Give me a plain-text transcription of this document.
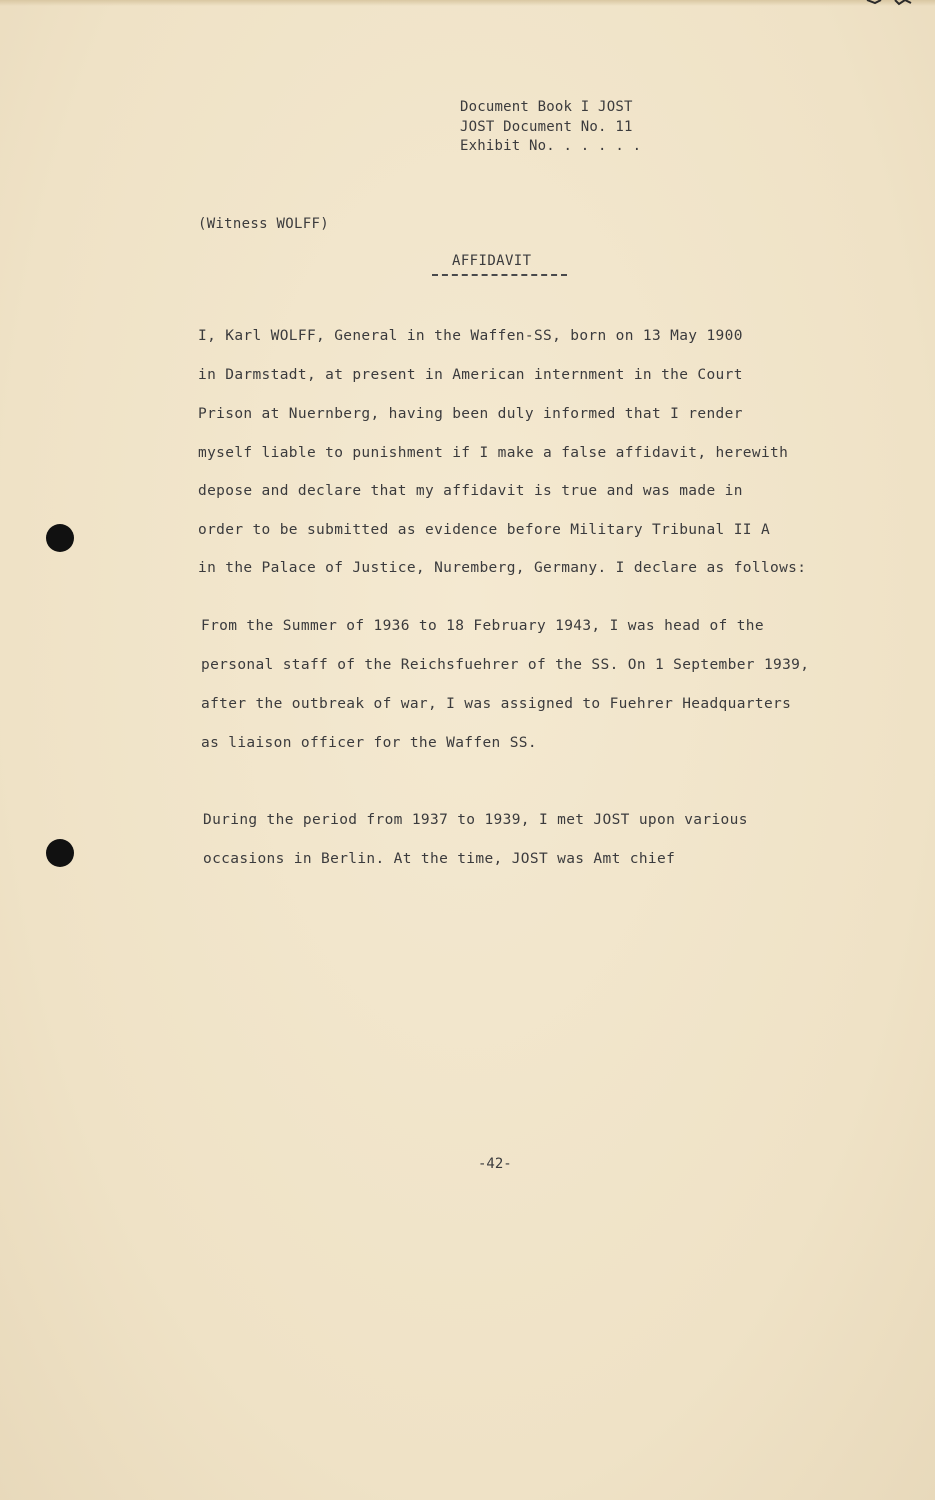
Document Book I JOST
JOST Document No. 11
Exhibit No. . . . . .
(Witness WOLFF)
AFFIDAVIT
I, Karl WOLFF, General in the Waffen-SS, born on 13 May 1900
in Darmstadt, at present in American internment in the Court
Prison at Nuernberg, having been duly informed that I render
myself liable to punishment if I make a false affidavit, herewith
depose and declare that my affidavit is true and was made in
order to be submitted as evidence before Military Tribunal II A
in the Palace of Justice, Nuremberg, Germany. I declare as follows:
From the Summer of 1936 to 18 February 1943, I was head of the
personal staff of the Reichsfuehrer of the SS. On 1 September 1939,
after the outbreak of war, I was assigned to Fuehrer Headquarters
as liaison officer for the Waffen SS.
During the period from 1937 to 1939, I met JOST upon various
occasions in Berlin. At the time, JOST was Amt chief
-42-
